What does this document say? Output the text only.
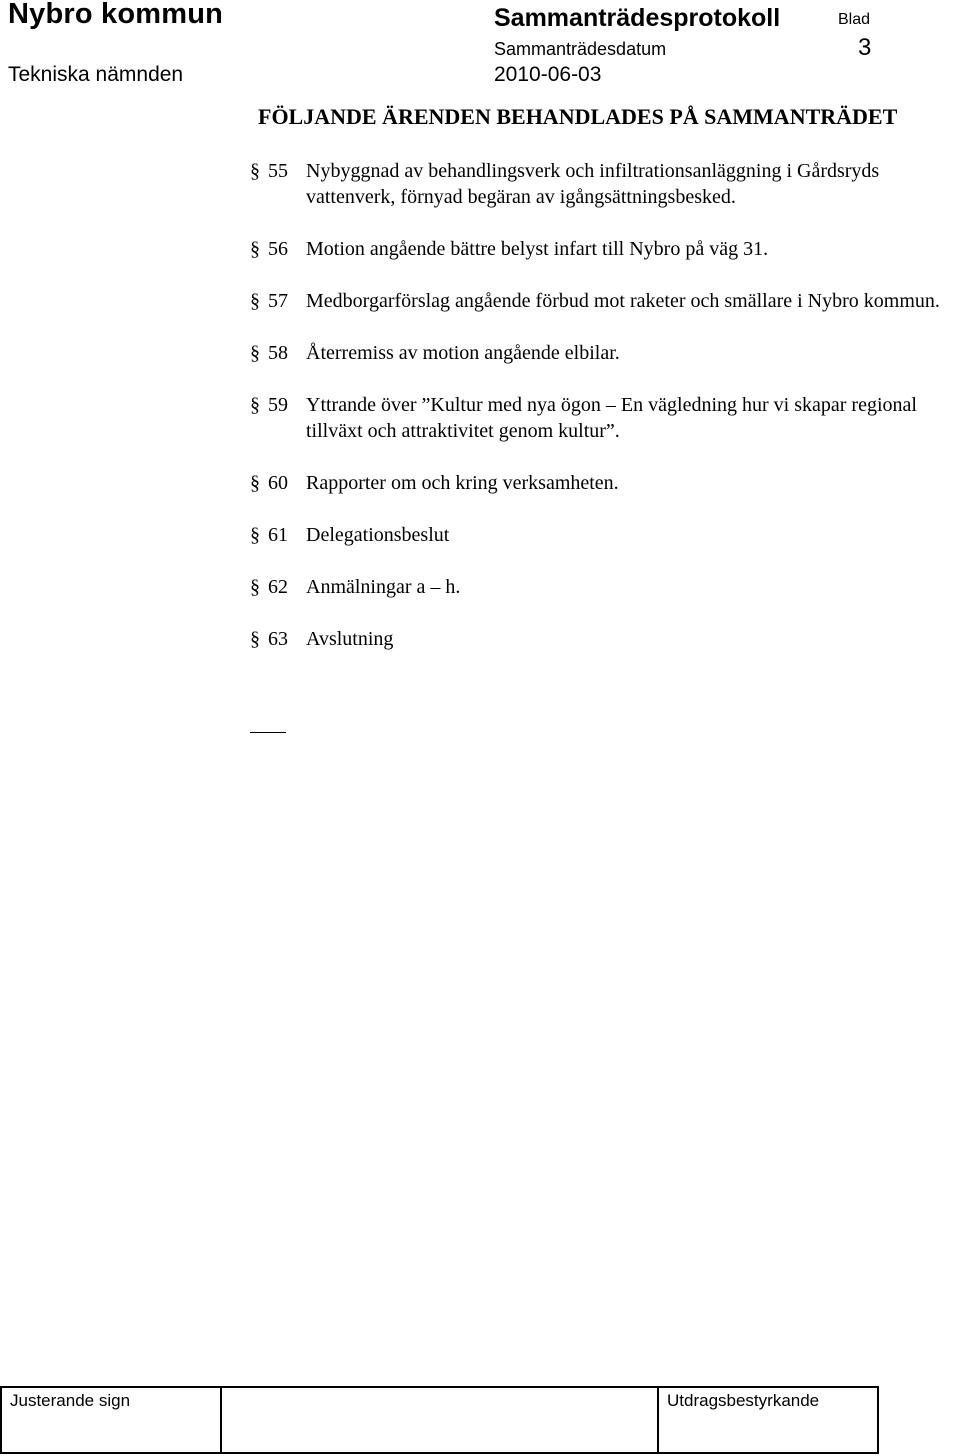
Nybro kommun	Sammanträdesprotokoll	Blad
Sammanträdesdatum	3
Tekniska nämnden	2010-06-03
FÖLJANDE ÄRENDEN BEHANDLADES PÅ SAMMANTRÄDET
§ 55 Nybyggnad av behandlingsverk och infiltrationsanläggning i Gårdsryds vattenverk, förnyad begäran av igångsättningsbesked.
§ 56 Motion angående bättre belyst infart till Nybro på väg 31.
§ 57 Medborgarförslag angående förbud mot raketer och smällare i Nybro kommun.
§ 58 Återremiss av motion angående elbilar.
§ 59 Yttrande över ”Kultur med nya ögon – En vägledning hur vi skapar regional tillväxt och attraktivitet genom kultur”.
§ 60 Rapporter om och kring verksamheten.
§ 61 Delegationsbeslut
§ 62 Anmälningar a – h.
§ 63 Avslutning
Justerande sign	Utdragsbestyrkande
